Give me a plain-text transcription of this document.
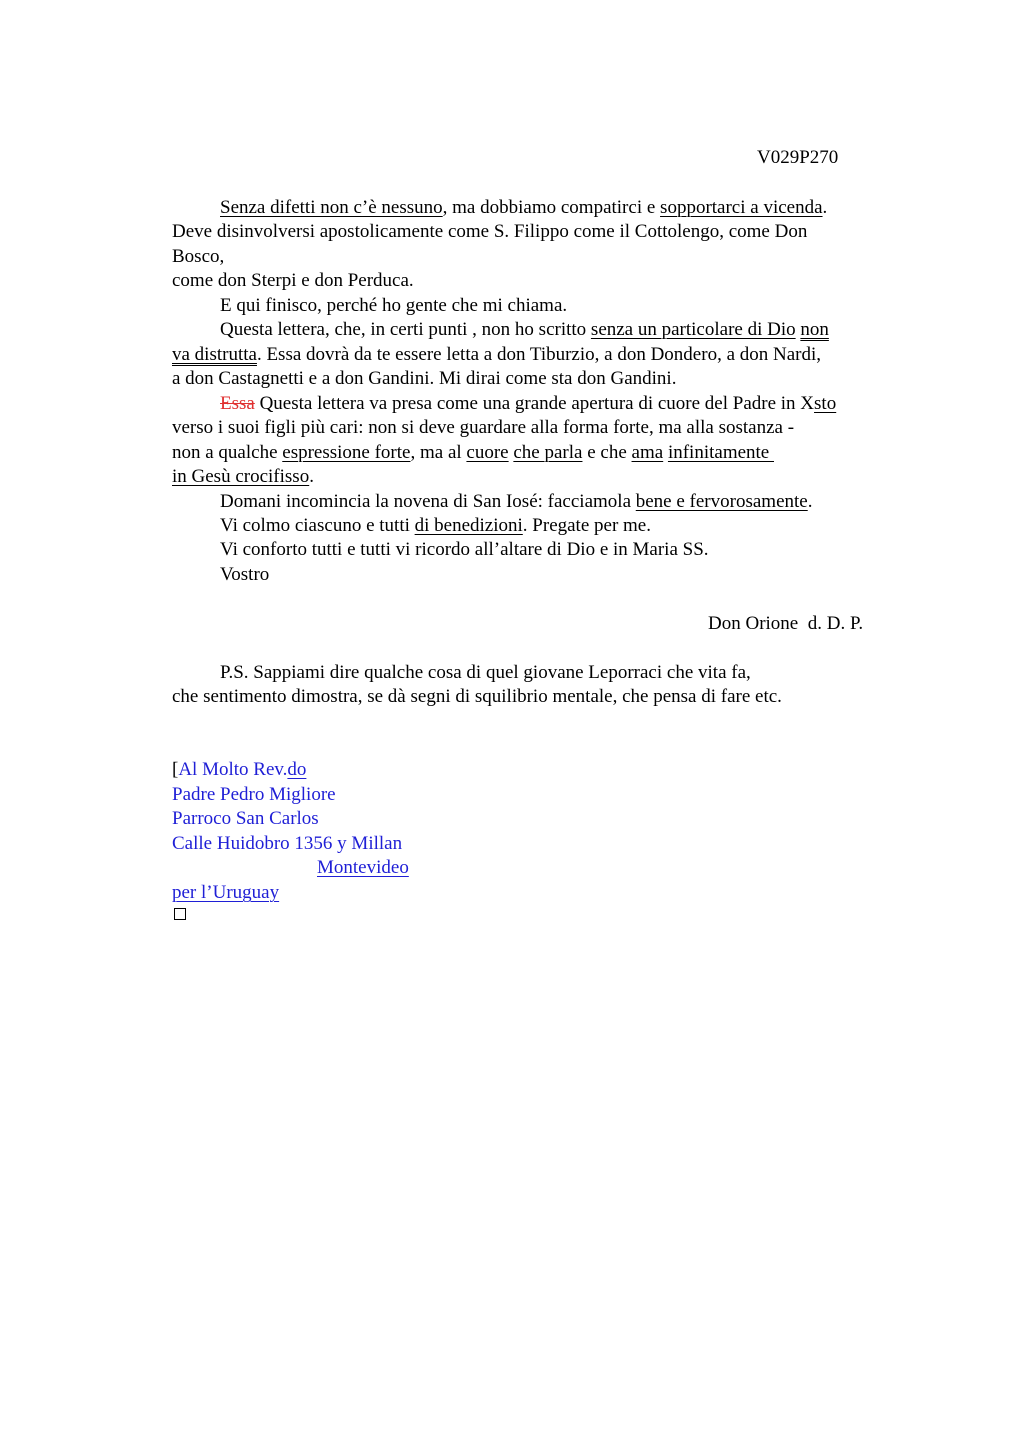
V029P270
Senza difetti non c’è nessuno, ma dobbiamo compatirci e sopportarci a vicenda.
Deve disinvolversi apostolicamente come S. Filippo come il Cottolengo, come Don
Bosco,
come don Sterpi e don Perduca.
E qui finisco, perché ho gente che mi chiama.
Questa lettera, che, in certi punti , non ho scritto senza un particolare di Dio non
va distrutta. Essa dovrà da te essere letta a don Tiburzio, a don Dondero, a don Nardi,
a don Castagnetti e a don Gandini. Mi dirai come sta don Gandini.
Essa Questa lettera va presa come una grande apertura di cuore del Padre in Xsto
verso i suoi figli più cari: non si deve guardare alla forma forte, ma alla sostanza -
non a qualche espressione forte, ma al cuore che parla e che ama infinitamente
in Gesù crocifisso.
Domani incomincia la novena di San Iosé: facciamola bene e fervorosamente.
Vi colmo ciascuno e tutti di benedizioni. Pregate per me.
Vi conforto tutti e tutti vi ricordo all’altare di Dio e in Maria SS.
Vostro
Don Orione  d. D. P.
P.S. Sappiami dire qualche cosa di quel giovane Leporraci che vita fa,
che sentimento dimostra, se dà segni di squilibrio mentale, che pensa di fare etc.
[Al Molto Rev.do
Padre Pedro Migliore
Parroco San Carlos
Calle Huidobro 1356 y Millan
Montevideo
per l’Uruguay
